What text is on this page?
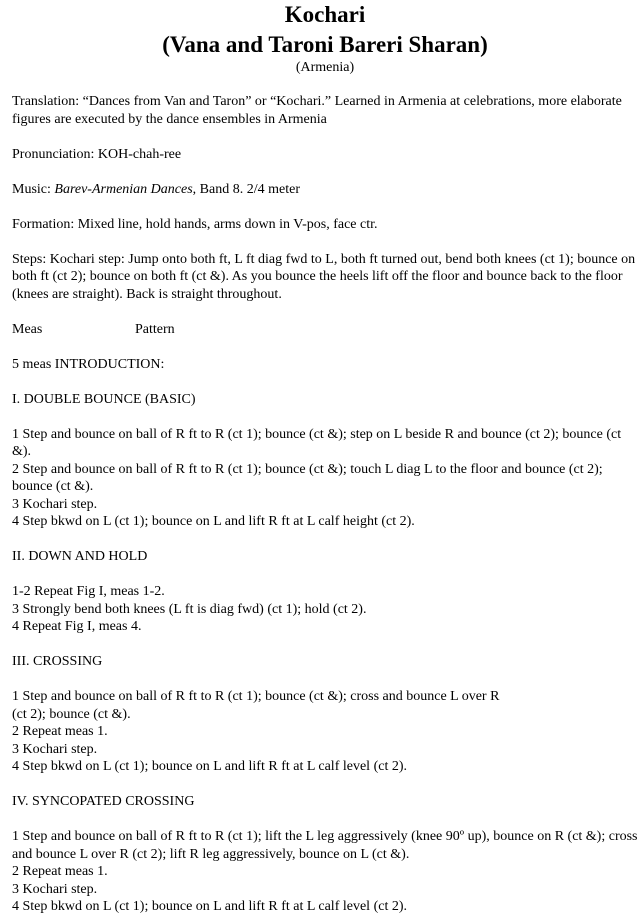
Kochari
(Vana and Taroni Bareri Sharan)

(Armenia)

Translation: “Dances from Van and Taron” or “Kochari.” Learned in Armenia at celebrations, more elaborate figures are executed by the dance ensembles in Armenia

Pronunciation: KOH-chah-ree

Music: Barev-Armenian Dances, Band 8. 2/4 meter

Formation: Mixed line, hold hands, arms down in V-pos, face ctr.

Steps: Kochari step: Jump onto both ft, L ft diag fwd to L, both ft turned out, bend both knees (ct 1); bounce on both ft (ct 2); bounce on both ft (ct &). As you bounce the heels lift off the floor and bounce back to the floor (knees are straight). Back is straight throughout.

Meas	Pattern

5 meas INTRODUCTION:

I. DOUBLE BOUNCE (BASIC)

1 Step and bounce on ball of R ft to R (ct 1); bounce (ct &); step on L beside R and bounce (ct 2); bounce (ct &).

2 Step and bounce on ball of R ft to R (ct 1); bounce (ct &); touch L diag L to the floor and bounce (ct 2); bounce (ct &).

3 Kochari step.

4 Step bkwd on L (ct 1); bounce on L and lift R ft at L calf height (ct 2).

II. DOWN AND HOLD

1-2 Repeat Fig I, meas 1-2.

3 Strongly bend both knees (L ft is diag fwd) (ct 1); hold (ct 2).

4 Repeat Fig I, meas 4.

III. CROSSING

1 Step and bounce on ball of R ft to R (ct 1); bounce (ct &); cross and bounce L over R

(ct 2); bounce (ct &).

2 Repeat meas 1.

3 Kochari step.

4 Step bkwd on L (ct 1); bounce on L and lift R ft at L calf level (ct 2).

IV. SYNCOPATED CROSSING

1 Step and bounce on ball of R ft to R (ct 1); lift the L leg aggressively (knee 90º up), bounce on R (ct &); cross and bounce L over R (ct 2); lift R leg aggressively, bounce on L (ct &).

2 Repeat meas 1.

3 Kochari step.

4 Step bkwd on L (ct 1); bounce on L and lift R ft at L calf level (ct 2).
